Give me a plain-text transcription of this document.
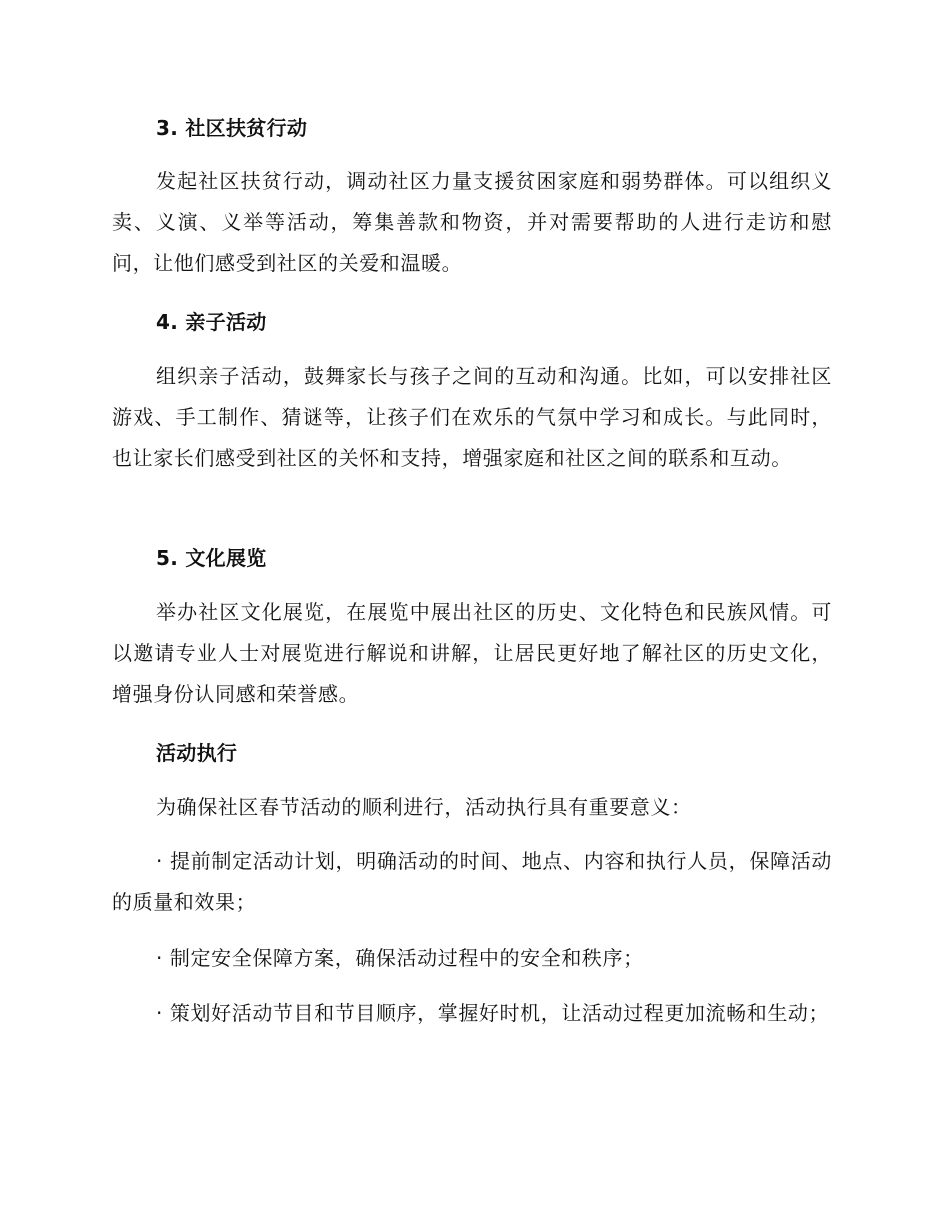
3. 社区扶贫行动

发起社区扶贫行动，调动社区力量支援贫困家庭和弱势群体。可以组织义卖、义演、义举等活动，筹集善款和物资，并对需要帮助的人进行走访和慰问，让他们感受到社区的关爱和温暖。

4. 亲子活动

组织亲子活动，鼓舞家长与孩子之间的互动和沟通。比如，可以安排社区游戏、手工制作、猜谜等，让孩子们在欢乐的气氛中学习和成长。与此同时，也让家长们感受到社区的关怀和支持，增强家庭和社区之间的联系和互动。

5. 文化展览

举办社区文化展览，在展览中展出社区的历史、文化特色和民族风情。可以邀请专业人士对展览进行解说和讲解，让居民更好地了解社区的历史文化，增强身份认同感和荣誉感。

活动执行

为确保社区春节活动的顺利进行，活动执行具有重要意义：

· 提前制定活动计划，明确活动的时间、地点、内容和执行人员，保障活动的质量和效果；

· 制定安全保障方案，确保活动过程中的安全和秩序；

· 策划好活动节目和节目顺序，掌握好时机，让活动过程更加流畅和生动；
